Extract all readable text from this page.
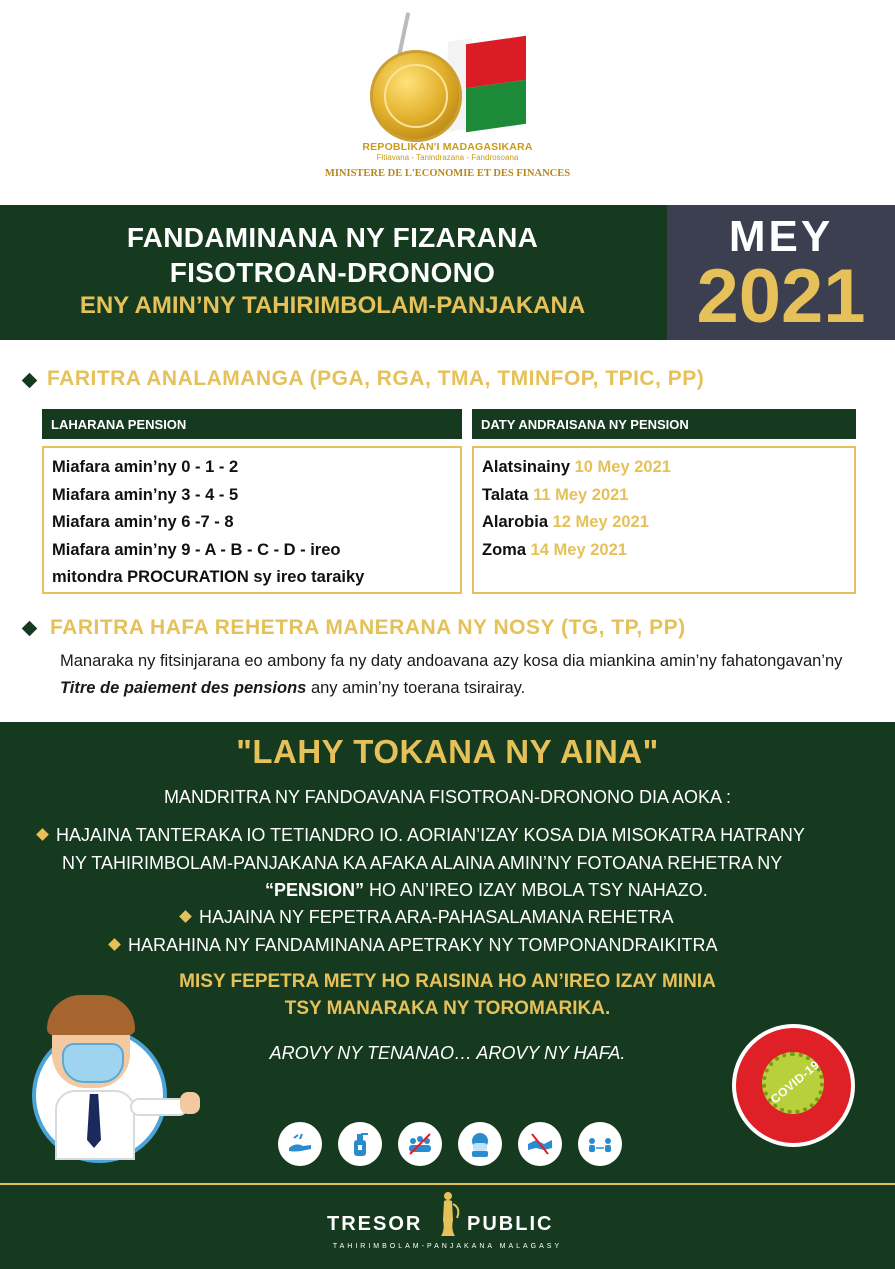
REPOBLIKAN'I MADAGASIKARA
Fitiavana - Tanindrazana - Fandrosoana
MINISTERE DE L'ECONOMIE ET DES FINANCES
FANDAMINANA NY FIZARANA
FISOTROAN-DRONONO
ENY AMIN’NY TAHIRIMBOLAM-PANJAKANA
MEY
2021
FARITRA ANALAMANGA (PGA, RGA, TMA, TMINFOP, TPIC, PP)
LAHARANA PENSION	DATY ANDRAISANA NY PENSION
Miafara amin’ny 0 - 1 - 2
Miafara amin’ny 3 - 4 - 5
Miafara amin’ny 6 -7 - 8
Miafara amin’ny 9 - A - B - C - D - ireo
mitondra PROCURATION sy ireo taraiky
Alatsinainy 10 Mey 2021
Talata 11 Mey 2021
Alarobia 12 Mey 2021
Zoma 14 Mey 2021
FARITRA HAFA REHETRA MANERANA NY NOSY (TG, TP, PP)
Manaraka ny fitsinjarana eo ambony fa ny daty andoavana azy kosa dia miankina amin’ny fahatongavan’ny Titre de paiement des pensions any amin’ny toerana tsirairay.
"LAHY TOKANA NY AINA"
MANDRITRA NY FANDOAVANA FISOTROAN-DRONONO DIA AOKA :
HAJAINA TANTERAKA IO TETIANDRO IO. AORIAN’IZAY KOSA DIA MISOKATRA HATRANY
NY TAHIRIMBOLAM-PANJAKANA KA AFAKA ALAINA AMIN’NY FOTOANA REHETRA NY
“PENSION” HO AN’IREO IZAY MBOLA TSY NAHAZO.
HAJAINA NY FEPETRA ARA-PAHASALAMANA REHETRA
HARAHINA NY FANDAMINANA APETRAKY NY TOMPONANDRAIKITRA
MISY FEPETRA METY HO RAISINA HO AN’IREO IZAY MINIA
TSY MANARAKA NY TOROMARIKA.
AROVY NY TENANAO… AROVY NY HAFA.
COVID-19
TRESOR PUBLIC
TAHIRIMBOLAM-PANJAKANA MALAGASY
